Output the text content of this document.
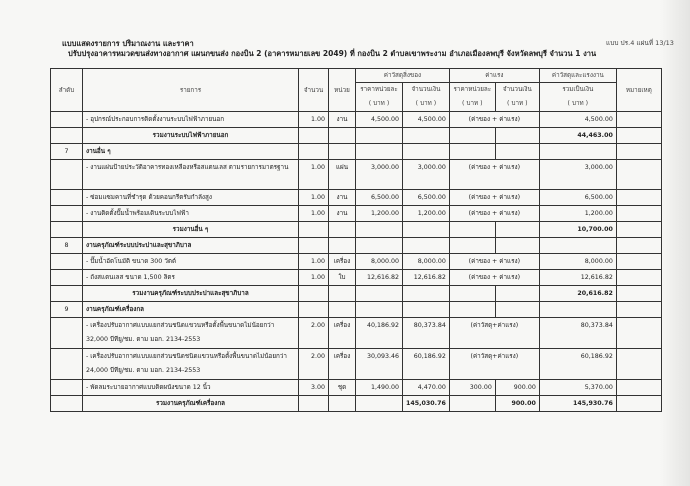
แบบแสดงรายการ ปริมาณงาน และราคา
ปรับปรุงอาคารหมวดขนส่งทางอากาศ แผนกขนส่ง กองบิน 2 (อาคารหมายเลข 2049) ที่ กองบิน 2 ตำบลเขาพระงาม อำเภอเมืองลพบุรี จังหวัดลพบุรี จำนวน 1 งาน
แบบ ปร.4 แผ่นที่ 13/13
ลำดับ	รายการ	จำนวน	หน่วย	ค่าวัสดุสิ่งของ		ค่าแรง		ค่าวัสดุและแรงงาน	หมายเหตุ
				ราคาหน่วยละ	จำนวนเงิน	ราคาหน่วยละ	จำนวนเงิน	รวมเป็นเงิน	
				( บาท )	( บาท )	( บาท )	( บาท )	( บาท )	
	- อุปกรณ์ประกอบการติดตั้งงานระบบไฟฟ้าภายนอก	1.00	งาน	4,500.00	4,500.00	(ค่าของ + ค่าแรง)		4,500.00	
	รวมงานระบบไฟฟ้าภายนอก							44,463.00	
7	งานอื่น ๆ								
	- งานแผ่นป้ายประวัติอาคารทองเหลืองหรือสแตนเลส ตามรายการมาตรฐาน	1.00	แผ่น	3,000.00	3,000.00	(ค่าของ + ค่าแรง)		3,000.00	
	- ซ่อมแซมคานที่ชำรุด ด้วยคอนกรีตรับกำลังสูง	1.00	งาน	6,500.00	6,500.00	(ค่าของ + ค่าแรง)		6,500.00	
	- งานติดตั้งปั๊มน้ำพร้อมเดินระบบไฟฟ้า	1.00	งาน	1,200.00	1,200.00	(ค่าของ + ค่าแรง)		1,200.00	
	รวมงานอื่น ๆ							10,700.00	
8	งานครุภัณฑ์ระบบประปาและสุขาภิบาล								
	- ปั๊มน้ำอัตโนมัติ ขนาด 300 วัตต์	1.00	เครื่อง	8,000.00	8,000.00	(ค่าของ + ค่าแรง)		8,000.00	
	- ถังสแตนเลส ขนาด 1,500 ลิตร	1.00	ใบ	12,616.82	12,616.82	(ค่าของ + ค่าแรง)		12,616.82	
	รวมงานครุภัณฑ์ระบบประปาและสุขาภิบาล							20,616.82	
9	งานครุภัณฑ์เครื่องกล								
	- เครื่องปรับอากาศแบบแยกส่วนชนิดแขวนหรือตั้งพื้นขนาดไม่น้อยกว่า 32,000 บีทียู/ชม. ตาม มอก. 2134-2553	2.00	เครื่อง	40,186.92	80,373.84	(ค่าวัสดุ+ค่าแรง)		80,373.84	
	- เครื่องปรับอากาศแบบแยกส่วนชนิดชนิดแขวนหรือตั้งพื้นขนาดไม่น้อยกว่า 24,000 บีทียู/ชม. ตาม มอก. 2134-2553	2.00	เครื่อง	30,093.46	60,186.92	(ค่าวัสดุ+ค่าแรง)		60,186.92	
	- พัดลมระบายอากาศแบบติดผนังขนาด 12 นิ้ว	3.00	ชุด	1,490.00	4,470.00	300.00	900.00	5,370.00	
	รวมงานครุภัณฑ์เครื่องกล				145,030.76		900.00	145,930.76	
